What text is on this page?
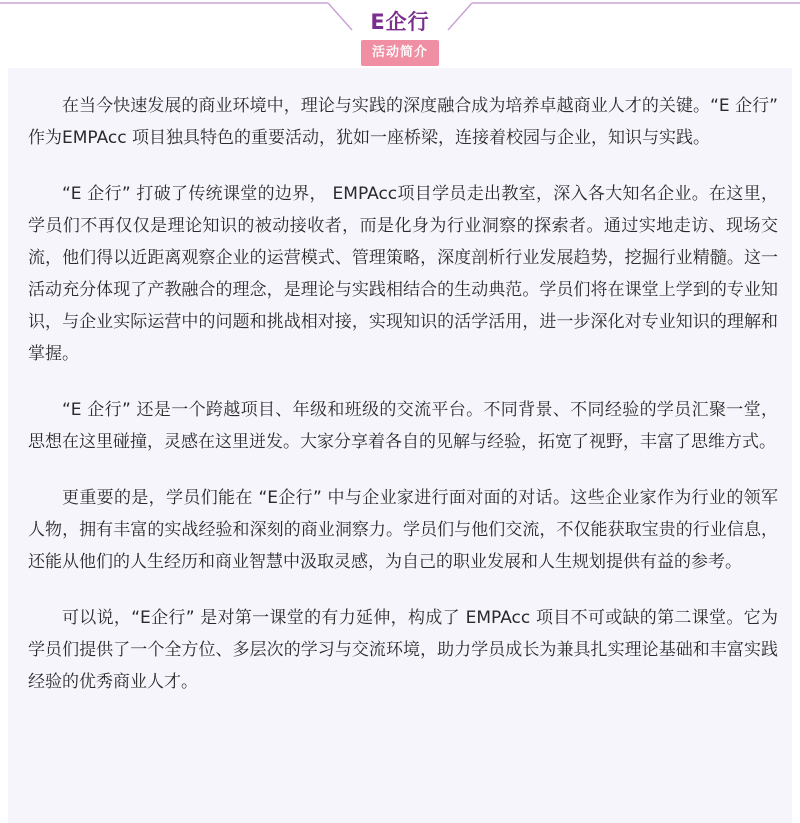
E企行
活动简介

在当今快速发展的商业环境中，理论与实践的深度融合成为培养卓越商业人才的关键。“E 企行” 作为EMPAcc 项目独具特色的重要活动，犹如一座桥梁，连接着校园与企业，知识与实践。

“E 企行” 打破了传统课堂的边界， EMPAcc项目学员走出教室，深入各大知名企业。在这里，学员们不再仅仅是理论知识的被动接收者，而是化身为行业洞察的探索者。通过实地走访、现场交流，他们得以近距离观察企业的运营模式、管理策略，深度剖析行业发展趋势，挖掘行业精髓。这一活动充分体现了产教融合的理念，是理论与实践相结合的生动典范。学员们将在课堂上学到的专业知识，与企业实际运营中的问题和挑战相对接，实现知识的活学活用，进一步深化对专业知识的理解和掌握。

“E 企行” 还是一个跨越项目、年级和班级的交流平台。不同背景、不同经验的学员汇聚一堂，思想在这里碰撞，灵感在这里迸发。大家分享着各自的见解与经验，拓宽了视野，丰富了思维方式。

更重要的是，学员们能在 “E企行” 中与企业家进行面对面的对话。这些企业家作为行业的领军人物，拥有丰富的实战经验和深刻的商业洞察力。学员们与他们交流，不仅能获取宝贵的行业信息，还能从他们的人生经历和商业智慧中汲取灵感，为自己的职业发展和人生规划提供有益的参考。

可以说，“E企行” 是对第一课堂的有力延伸，构成了 EMPAcc 项目不可或缺的第二课堂。它为学员们提供了一个全方位、多层次的学习与交流环境，助力学员成长为兼具扎实理论基础和丰富实践经验的优秀商业人才。
